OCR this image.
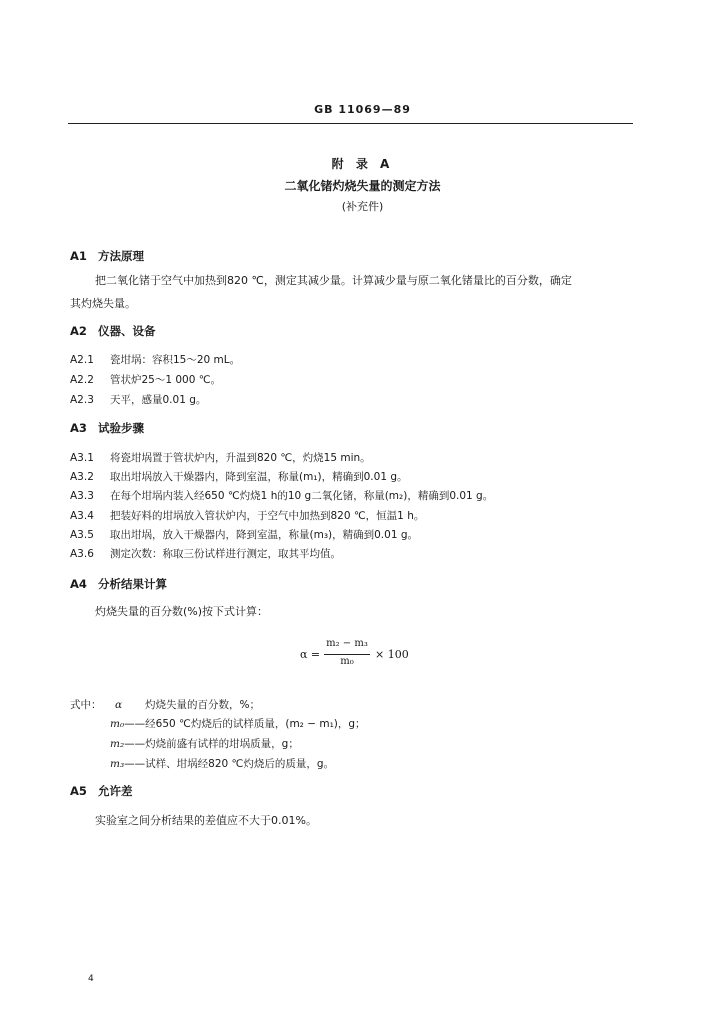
GB 11069—89
附 录 A
二氧化锗灼烧失量的测定方法
(补充件)
A1 方法原理
把二氧化锗于空气中加热到820 ℃，测定其减少量。计算减少量与原二氧化锗量比的百分数，确定
其灼烧失量。
A2 仪器、设备
A2.1 瓷坩埚：容积15～20 mL。
A2.2 管状炉25～1 000 ℃。
A2.3 天平，感量0.01 g。
A3 试验步骤
A3.1 将瓷坩埚置于管状炉内，升温到820 ℃，灼烧15 min。
A3.2 取出坩埚放入干燥器内，降到室温，称量(m₁)，精确到0.01 g。
A3.3 在每个坩埚内装入经650 ℃灼烧1 h的10 g二氧化锗，称量(m₂)，精确到0.01 g。
A3.4 把装好料的坩埚放入管状炉内，于空气中加热到820 ℃，恒温1 h。
A3.5 取出坩埚，放入干燥器内，降到室温，称量(m₃)，精确到0.01 g。
A3.6 测定次数：称取三份试样进行测定，取其平均值。
A4 分析结果计算
灼烧失量的百分数(%)按下式计算：
α =
m₂ − m₃
m₀
× 100
式中： α 灼烧失量的百分数，%；
m₀——经650 ℃灼烧后的试样质量，(m₂ − m₁)，g；
m₂——灼烧前盛有试样的坩埚质量，g；
m₃——试样、坩埚经820 ℃灼烧后的质量，g。
A5 允许差
实验室之间分析结果的差值应不大于0.01%。
4
